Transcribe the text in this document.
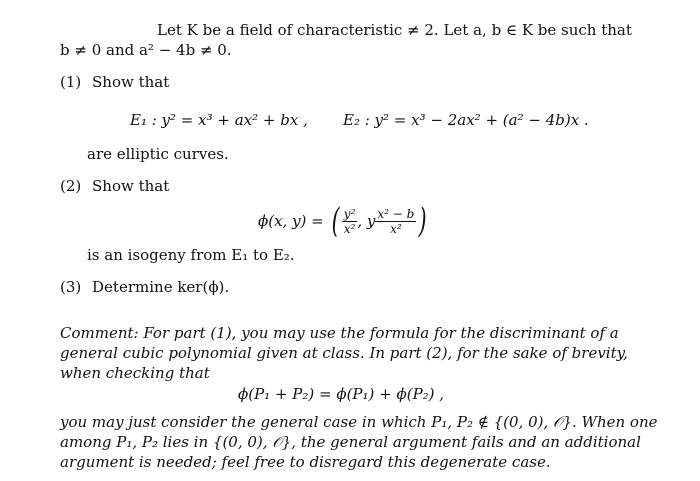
Let K be a field of characteristic ≠ 2. Let a, b ∈ K be such that
b ≠ 0 and a² − 4b ≠ 0.
(1) Show that
E₁ : y² = x³ + ax² + bx , E₂ : y² = x³ − 2ax² + (a² − 4b)x .
are elliptic curves.
(2) Show that
ϕ(x, y) = ( $\frac{\text{y²}}{\text{x²}}$ , y $\frac{\text{x² − b}}{\text{x²}}$ )
is an isogeny from E₁ to E₂.
(3) Determine ker(ϕ).
Comment: For part (1), you may use the formula for the discriminant of a
general cubic polynomial given at class. In part (2), for the sake of brevity,
when checking that
ϕ(P₁ + P₂) = ϕ(P₁) + ϕ(P₂) ,
you may just consider the general case in which P₁, P₂ ∉ {(0, 0), 𝒪}. When one
among P₁, P₂ lies in {(0, 0), 𝒪}, the general argument fails and an additional
argument is needed; feel free to disregard this degenerate case.
